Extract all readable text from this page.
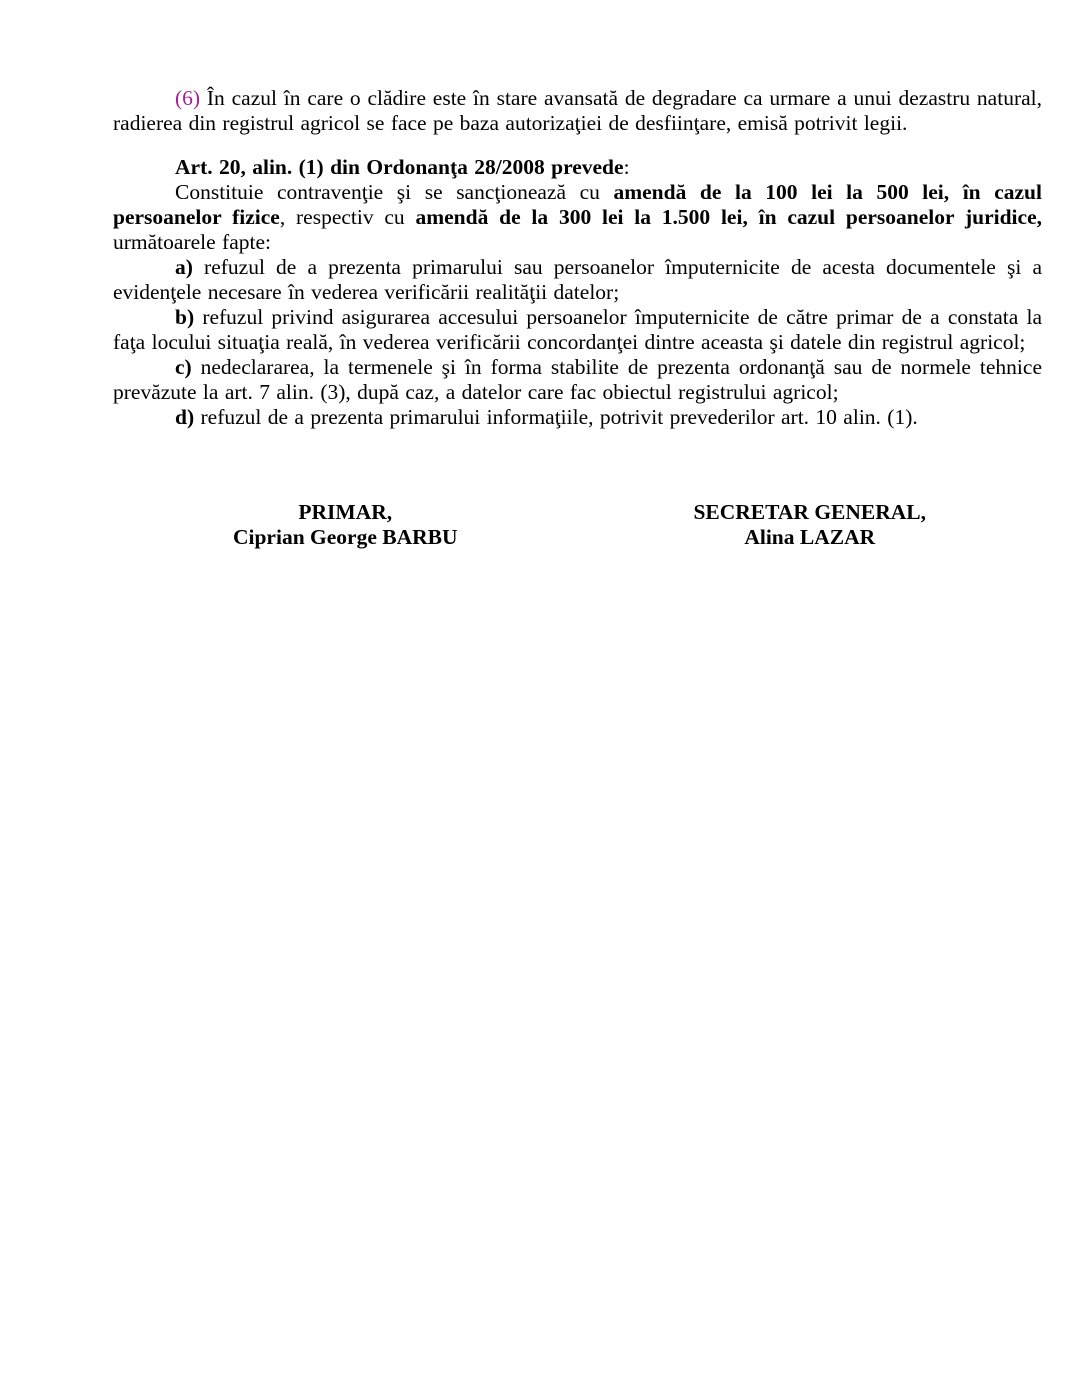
(6) În cazul în care o clădire este în stare avansată de degradare ca urmare a unui dezastru natural, radierea din registrul agricol se face pe baza autorizaţiei de desfiinţare, emisă potrivit legii.

Art. 20, alin. (1) din Ordonanţa 28/2008 prevede:

Constituie contravenţie şi se sancţionează cu amendă de la 100 lei la 500 lei, în cazul persoanelor fizice, respectiv cu amendă de la 300 lei la 1.500 lei, în cazul persoanelor juridice, următoarele fapte:

a) refuzul de a prezenta primarului sau persoanelor împuternicite de acesta documentele şi a evidenţele necesare în vederea verificării realităţii datelor;

b) refuzul privind asigurarea accesului persoanelor împuternicite de către primar de a constata la faţa locului situaţia reală, în vederea verificării concordanţei dintre aceasta şi datele din registrul agricol;

c) nedeclararea, la termenele şi în forma stabilite de prezenta ordonanţă sau de normele tehnice prevăzute la art. 7 alin. (3), după caz, a datelor care fac obiectul registrului agricol;

d) refuzul de a prezenta primarului informaţiile, potrivit prevederilor art. 10 alin. (1).

PRIMAR,
Ciprian George BARBU
SECRETAR GENERAL,
Alina LAZAR
